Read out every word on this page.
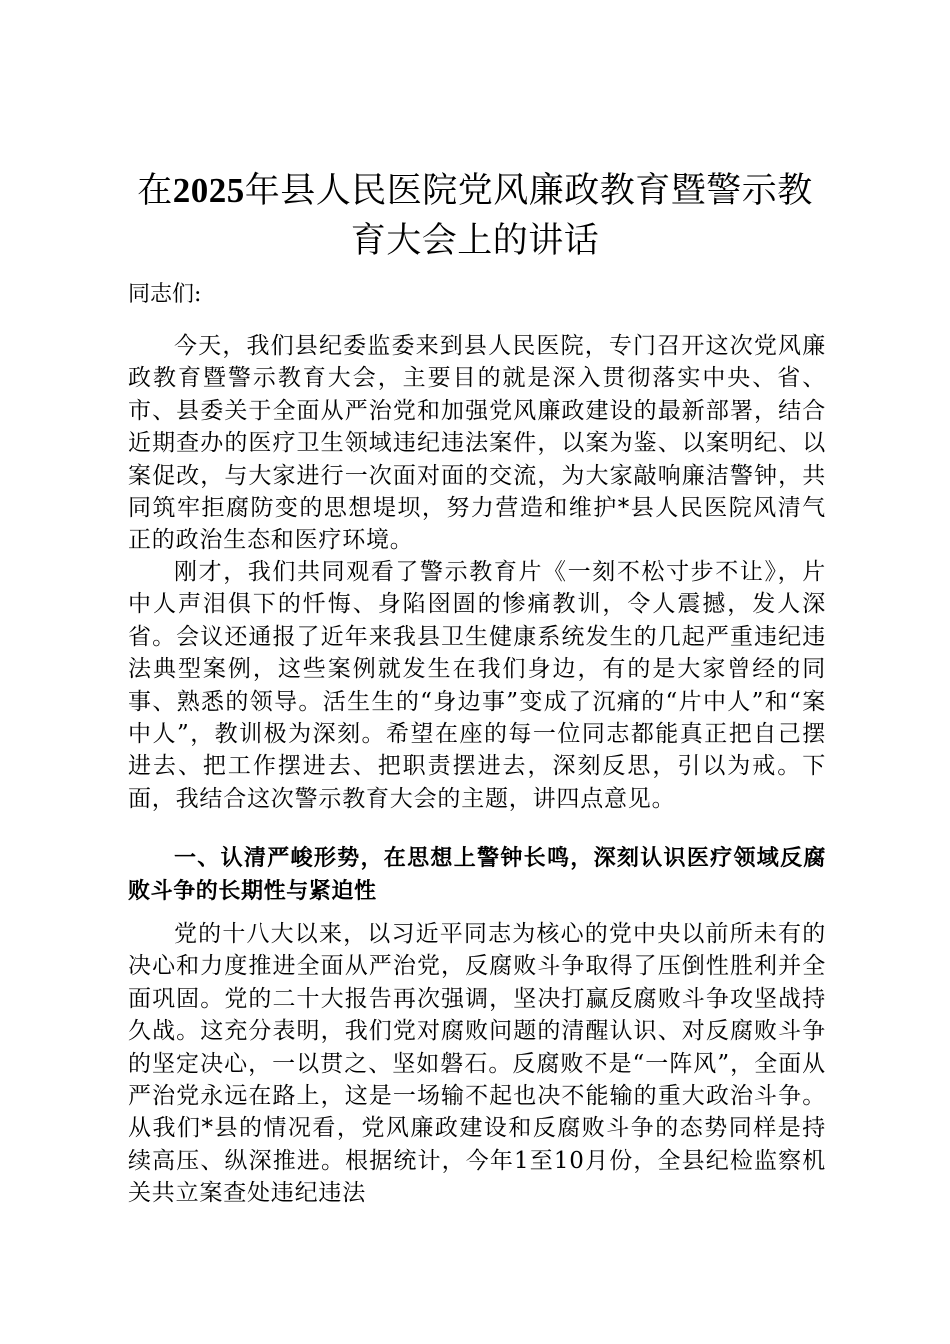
在2025年县人民医院党风廉政教育暨警示教育大会上的讲话

同志们:

今天，我们县纪委监委来到县人民医院，专门召开这次党风廉政教育暨警示教育大会，主要目的就是深入贯彻落实中央、省、市、县委关于全面从严治党和加强党风廉政建设的最新部署，结合近期查办的医疗卫生领域违纪违法案件，以案为鉴、以案明纪、以案促改，与大家进行一次面对面的交流，为大家敲响廉洁警钟，共同筑牢拒腐防变的思想堤坝，努力营造和维护*县人民医院风清气正的政治生态和医疗环境。

刚才，我们共同观看了警示教育片《一刻不松寸步不让》，片中人声泪俱下的忏悔、身陷囹圄的惨痛教训，令人震撼，发人深省。会议还通报了近年来我县卫生健康系统发生的几起严重违纪违法典型案例，这些案例就发生在我们身边，有的是大家曾经的同事、熟悉的领导。活生生的“身边事”变成了沉痛的“片中人”和“案中人”，教训极为深刻。希望在座的每一位同志都能真正把自己摆进去、把工作摆进去、把职责摆进去，深刻反思，引以为戒。下面，我结合这次警示教育大会的主题，讲四点意见。

一、认清严峻形势，在思想上警钟长鸣，深刻认识医疗领域反腐败斗争的长期性与紧迫性

党的十八大以来，以习近平同志为核心的党中央以前所未有的决心和力度推进全面从严治党，反腐败斗争取得了压倒性胜利并全面巩固。党的二十大报告再次强调，坚决打赢反腐败斗争攻坚战持久战。这充分表明，我们党对腐败问题的清醒认识、对反腐败斗争的坚定决心，一以贯之、坚如磐石。反腐败不是“一阵风”，全面从严治党永远在路上，这是一场输不起也决不能输的重大政治斗争。从我们*县的情况看，党风廉政建设和反腐败斗争的态势同样是持续高压、纵深推进。根据统计，今年1至10月份，全县纪检监察机关共立案查处违纪违法
